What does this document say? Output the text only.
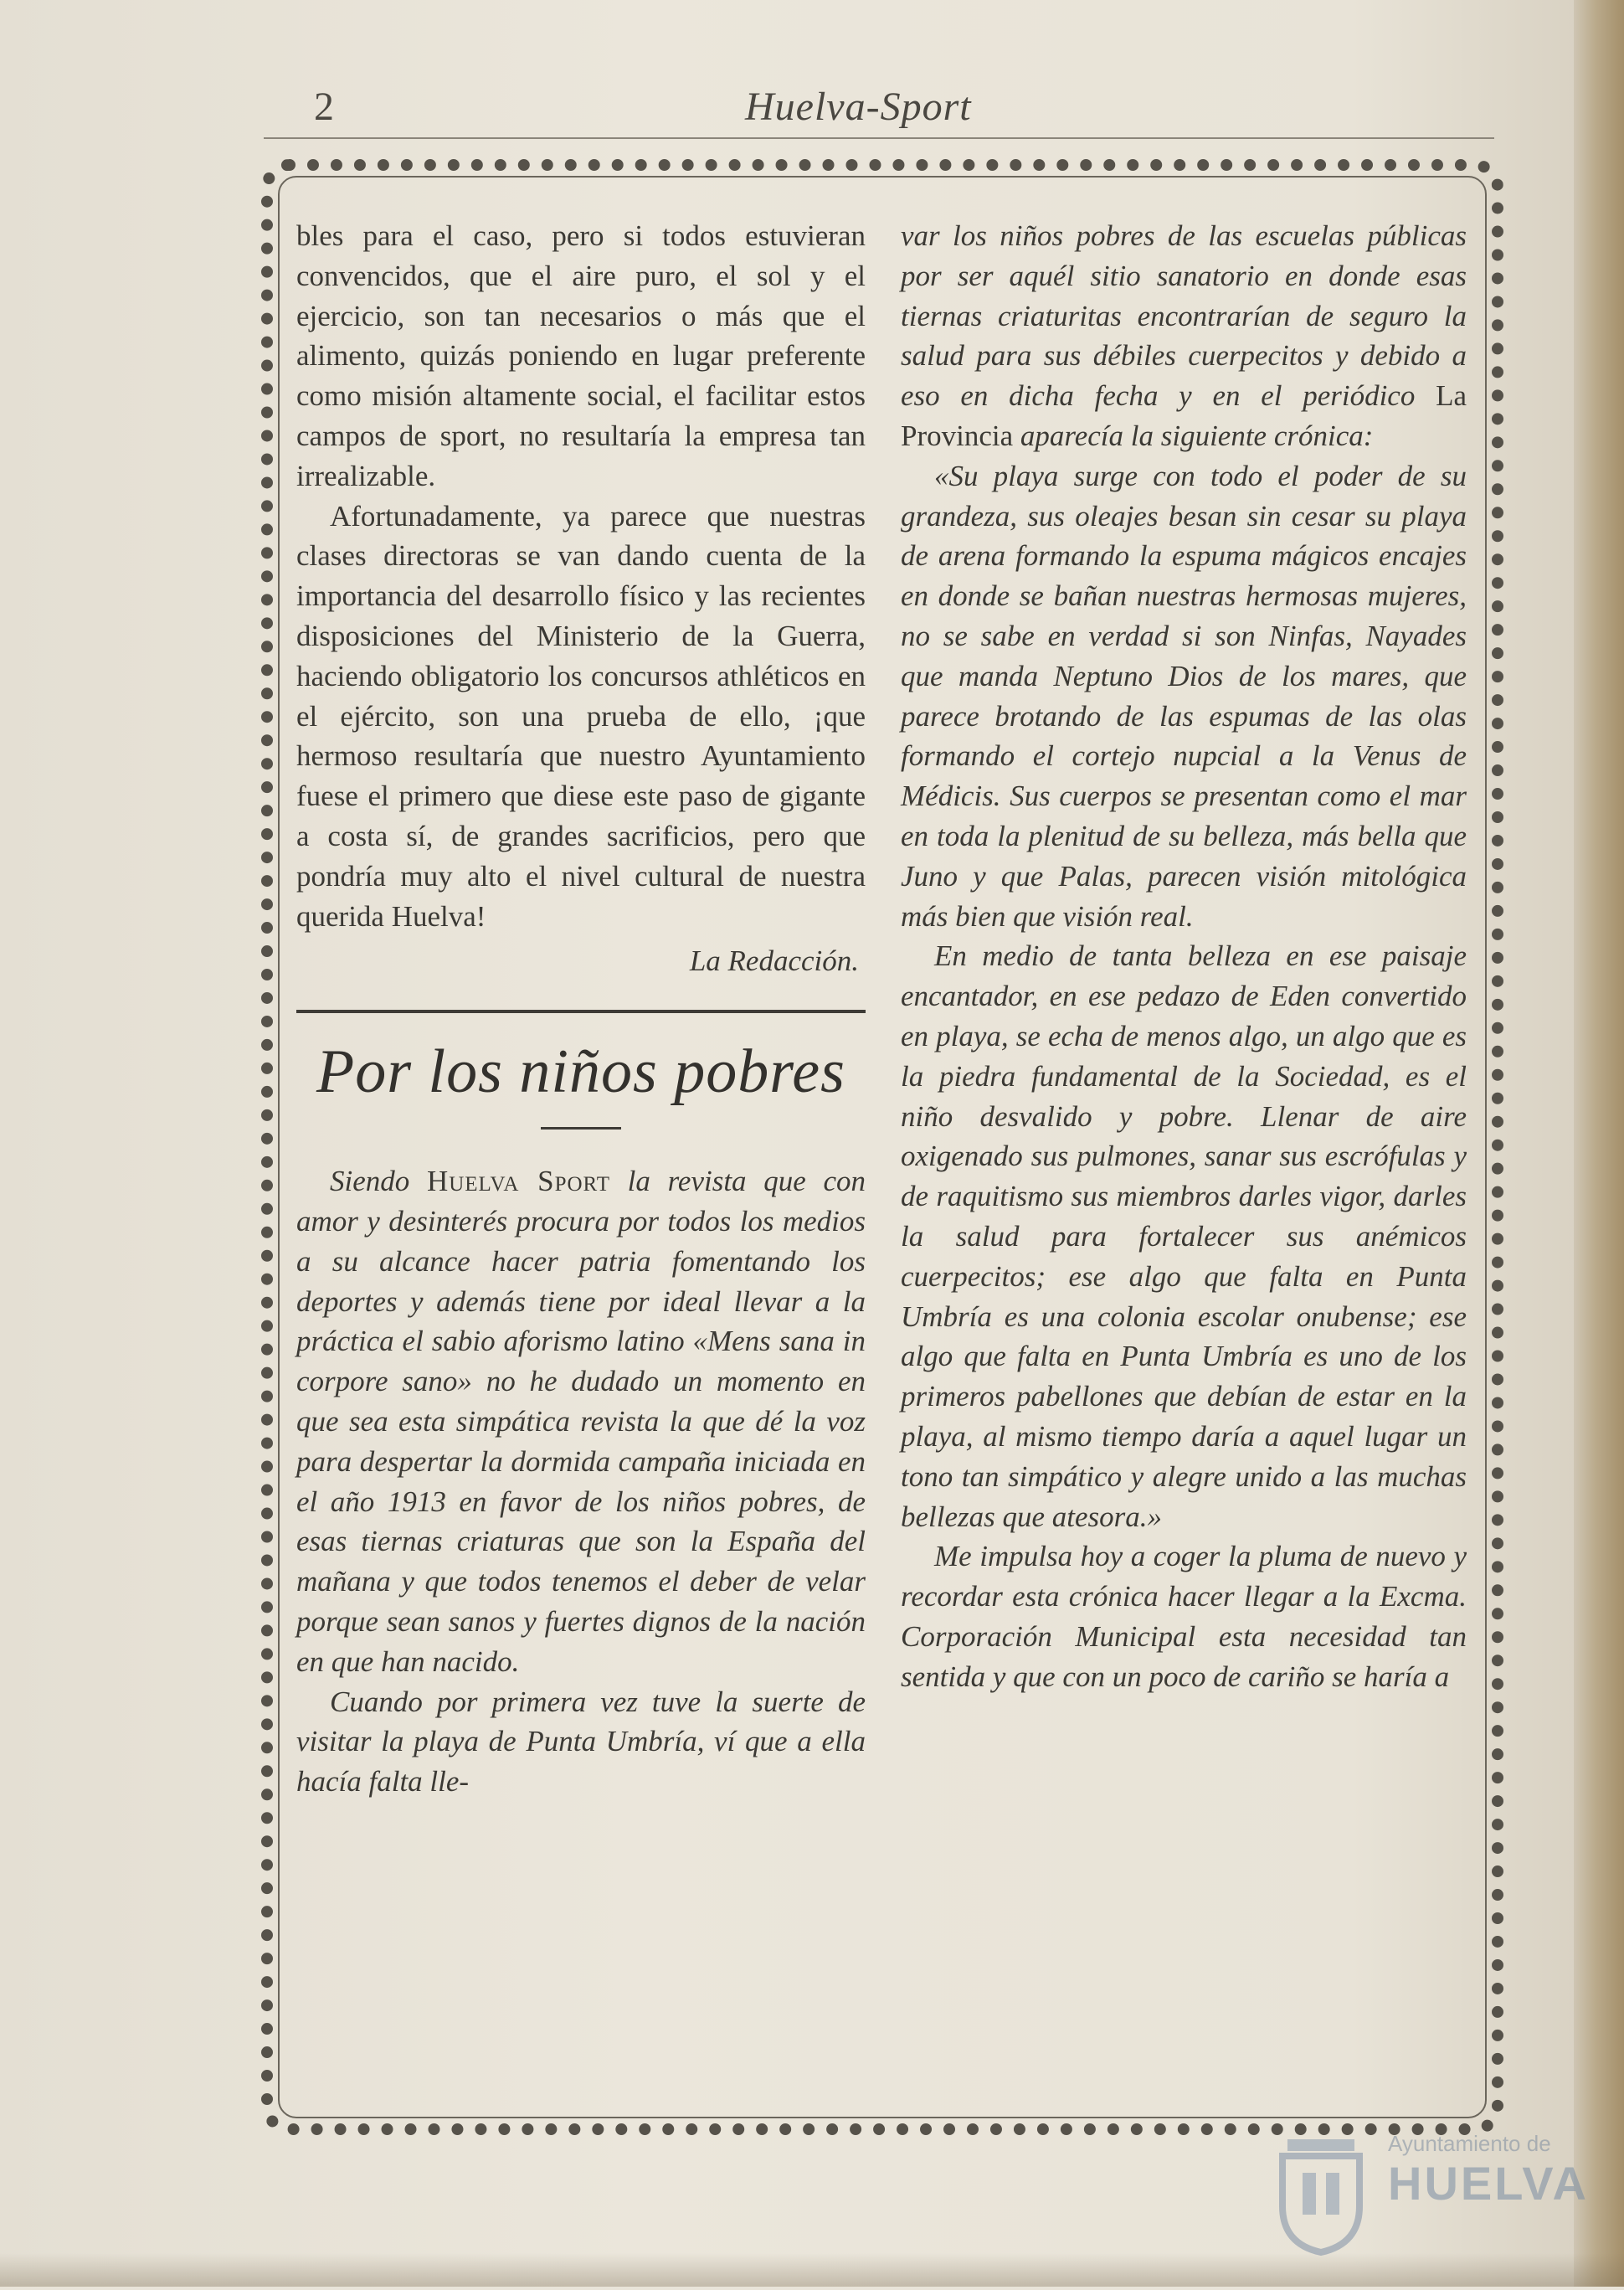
2	Huelva-Sport

bles para el caso, pero si todos estuvieran convencidos, que el aire puro, el sol y el ejercicio, son tan necesarios o más que el alimento, quizás poniendo en lugar preferente como misión altamente social, el facilitar estos campos de sport, no resultaría la empresa tan irrealizable.

Afortunadamente, ya parece que nuestras clases directoras se van dando cuenta de la importancia del desarrollo físico y las recientes disposiciones del Ministerio de la Guerra, haciendo obligatorio los concursos athléticos en el ejército, son una prueba de ello, ¡que hermoso resultaría que nuestro Ayuntamiento fuese el primero que diese este paso de gigante a costa sí, de grandes sacrificios, pero que pondría muy alto el nivel cultural de nuestra querida Huelva!

La Redacción.

Por los niños pobres

Siendo Huelva Sport la revista que con amor y desinterés procura por todos los medios a su alcance hacer patria fomentando los deportes y además tiene por ideal llevar a la práctica el sabio aforismo latino «Mens sana in corpore sano» no he dudado un momento en que sea esta simpática revista la que dé la voz para despertar la dormida campaña iniciada en el año 1913 en favor de los niños pobres, de esas tiernas criaturas que son la España del mañana y que todos tenemos el deber de velar porque sean sanos y fuertes dignos de la nación en que han nacido.

Cuando por primera vez tuve la suerte de visitar la playa de Punta Umbría, ví que a ella hacía falta lle-

var los niños pobres de las escuelas públicas por ser aquél sitio sanatorio en donde esas tiernas criaturitas encontrarían de seguro la salud para sus débiles cuerpecitos y debido a eso en dicha fecha y en el periódico La Provincia aparecía la siguiente crónica:

«Su playa surge con todo el poder de su grandeza, sus oleajes besan sin cesar su playa de arena formando la espuma mágicos encajes en donde se bañan nuestras hermosas mujeres, no se sabe en verdad si son Ninfas, Nayades que manda Neptuno Dios de los mares, que parece brotando de las espumas de las olas formando el cortejo nupcial a la Venus de Médicis. Sus cuerpos se presentan como el mar en toda la plenitud de su belleza, más bella que Juno y que Palas, parecen visión mitológica más bien que visión real.

En medio de tanta belleza en ese paisaje encantador, en ese pedazo de Eden convertido en playa, se echa de menos algo, un algo que es la piedra fundamental de la Sociedad, es el niño desvalido y pobre. Llenar de aire oxigenado sus pulmones, sanar sus escrófulas y de raquitismo sus miembros darles vigor, darles la salud para fortalecer sus anémicos cuerpecitos; ese algo que falta en Punta Umbría es una colonia escolar onubense; ese algo que falta en Punta Umbría es uno de los primeros pabellones que debían de estar en la playa, al mismo tiempo daría a aquel lugar un tono tan simpático y alegre unido a las muchas bellezas que atesora.»

Me impulsa hoy a coger la pluma de nuevo y recordar esta crónica hacer llegar a la Excma. Corporación Municipal esta necesidad tan sentida y que con un poco de cariño se haría a

Ayuntamiento de
HUELVA
